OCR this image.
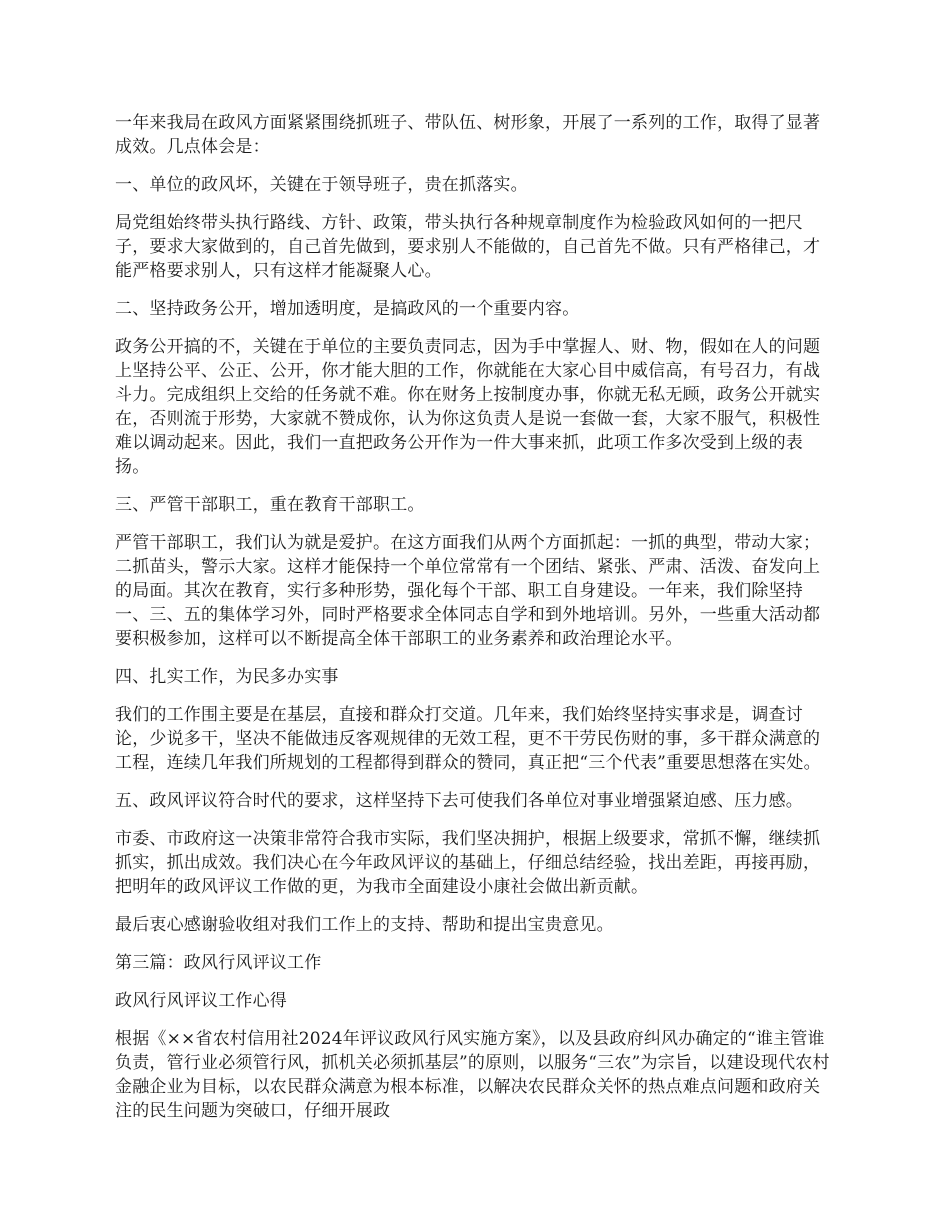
一年来我局在政风方面紧紧围绕抓班子、带队伍、树形象，开展了一系列的工作，取得了显著成效。几点体会是：

一、单位的政风坏，关键在于领导班子，贵在抓落实。

局党组始终带头执行路线、方针、政策，带头执行各种规章制度作为检验政风如何的一把尺子，要求大家做到的，自己首先做到，要求别人不能做的，自己首先不做。只有严格律己，才能严格要求别人，只有这样才能凝聚人心。

二、坚持政务公开，增加透明度，是搞政风的一个重要内容。

政务公开搞的不，关键在于单位的主要负责同志，因为手中掌握人、财、物，假如在人的问题上坚持公平、公正、公开，你才能大胆的工作，你就能在大家心目中威信高，有号召力，有战斗力。完成组织上交给的任务就不难。你在财务上按制度办事，你就无私无顾，政务公开就实在，否则流于形势，大家就不赞成你，认为你这负责人是说一套做一套，大家不服气，积极性难以调动起来。因此，我们一直把政务公开作为一件大事来抓，此项工作多次受到上级的表扬。

三、严管干部职工，重在教育干部职工。

严管干部职工，我们认为就是爱护。在这方面我们从两个方面抓起：一抓的典型，带动大家；二抓苗头，警示大家。这样才能保持一个单位常常有一个团结、紧张、严肃、活泼、奋发向上的局面。其次在教育，实行多种形势，强化每个干部、职工自身建设。一年来，我们除坚持一、三、五的集体学习外，同时严格要求全体同志自学和到外地培训。另外，一些重大活动都要积极参加，这样可以不断提高全体干部职工的业务素养和政治理论水平。

四、扎实工作，为民多办实事

我们的工作围主要是在基层，直接和群众打交道。几年来，我们始终坚持实事求是，调查讨论，少说多干，坚决不能做违反客观规律的无效工程，更不干劳民伤财的事，多干群众满意的工程，连续几年我们所规划的工程都得到群众的赞同，真正把“三个代表”重要思想落在实处。

五、政风评议符合时代的要求，这样坚持下去可使我们各单位对事业增强紧迫感、压力感。

市委、市政府这一决策非常符合我市实际，我们坚决拥护，根据上级要求，常抓不懈，继续抓抓实，抓出成效。我们决心在今年政风评议的基础上，仔细总结经验，找出差距，再接再励，把明年的政风评议工作做的更，为我市全面建设小康社会做出新贡献。

最后衷心感谢验收组对我们工作上的支持、帮助和提出宝贵意见。

第三篇：政风行风评议工作

政风行风评议工作心得

根据《××省农村信用社2024年评议政风行风实施方案》，以及县政府纠风办确定的“谁主管谁负责，管行业必须管行风，抓机关必须抓基层”的原则，以服务“三农”为宗旨，以建设现代农村金融企业为目标，以农民群众满意为根本标准，以解决农民群众关怀的热点难点问题和政府关注的民生问题为突破口，仔细开展政
